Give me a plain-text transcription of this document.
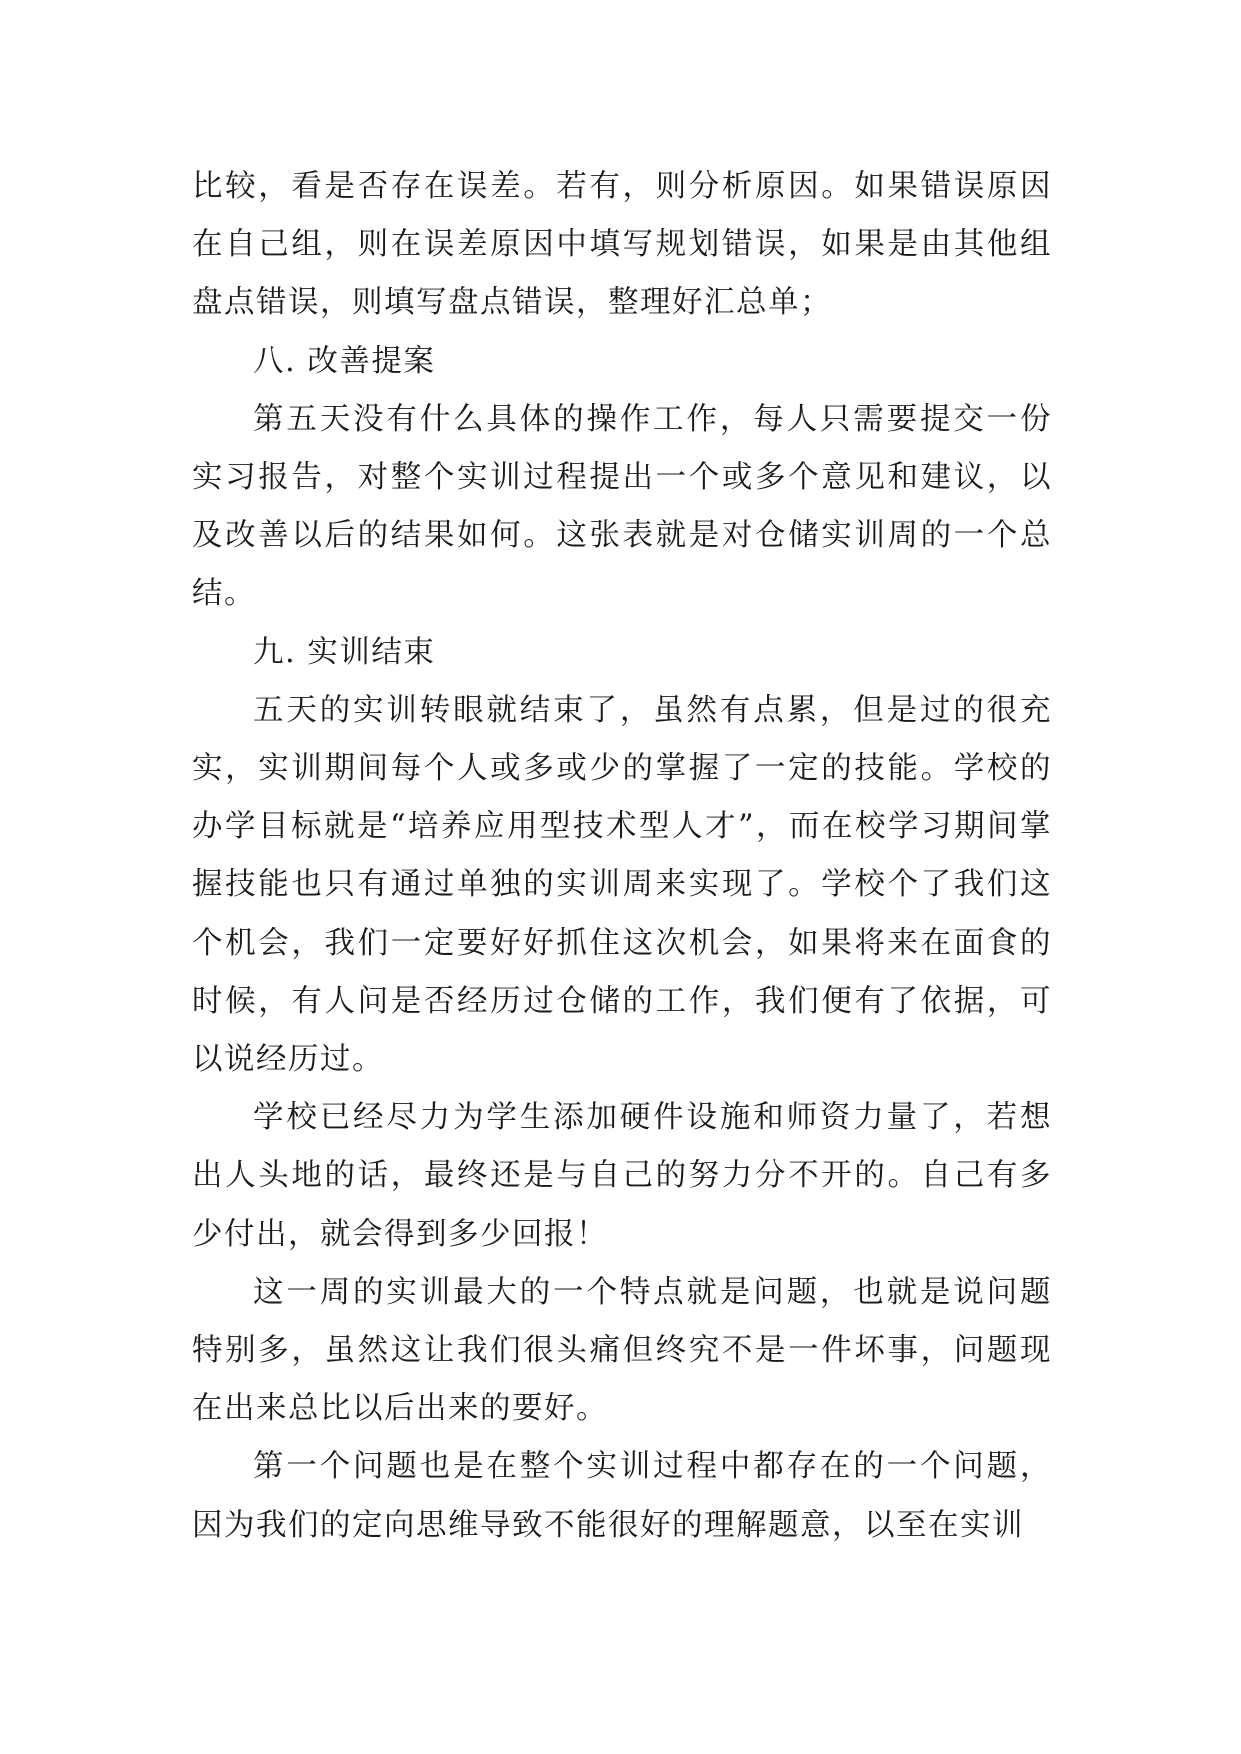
比较，看是否存在误差。若有，则分析原因。如果错误原因在自己组，则在误差原因中填写规划错误，如果是由其他组盘点错误，则填写盘点错误，整理好汇总单；

八. 改善提案

第五天没有什么具体的操作工作，每人只需要提交一份实习报告，对整个实训过程提出一个或多个意见和建议，以及改善以后的结果如何。这张表就是对仓储实训周的一个总结。

九. 实训结束

五天的实训转眼就结束了，虽然有点累，但是过的很充实，实训期间每个人或多或少的掌握了一定的技能。学校的办学目标就是“培养应用型技术型人才”，而在校学习期间掌握技能也只有通过单独的实训周来实现了。学校个了我们这个机会，我们一定要好好抓住这次机会，如果将来在面食的时候，有人问是否经历过仓储的工作，我们便有了依据，可以说经历过。

学校已经尽力为学生添加硬件设施和师资力量了，若想出人头地的话，最终还是与自己的努力分不开的。自己有多少付出，就会得到多少回报！

这一周的实训最大的一个特点就是问题，也就是说问题特别多，虽然这让我们很头痛但终究不是一件坏事，问题现在出来总比以后出来的要好。

第一个问题也是在整个实训过程中都存在的一个问题，因为我们的定向思维导致不能很好的理解题意，以至在实训
